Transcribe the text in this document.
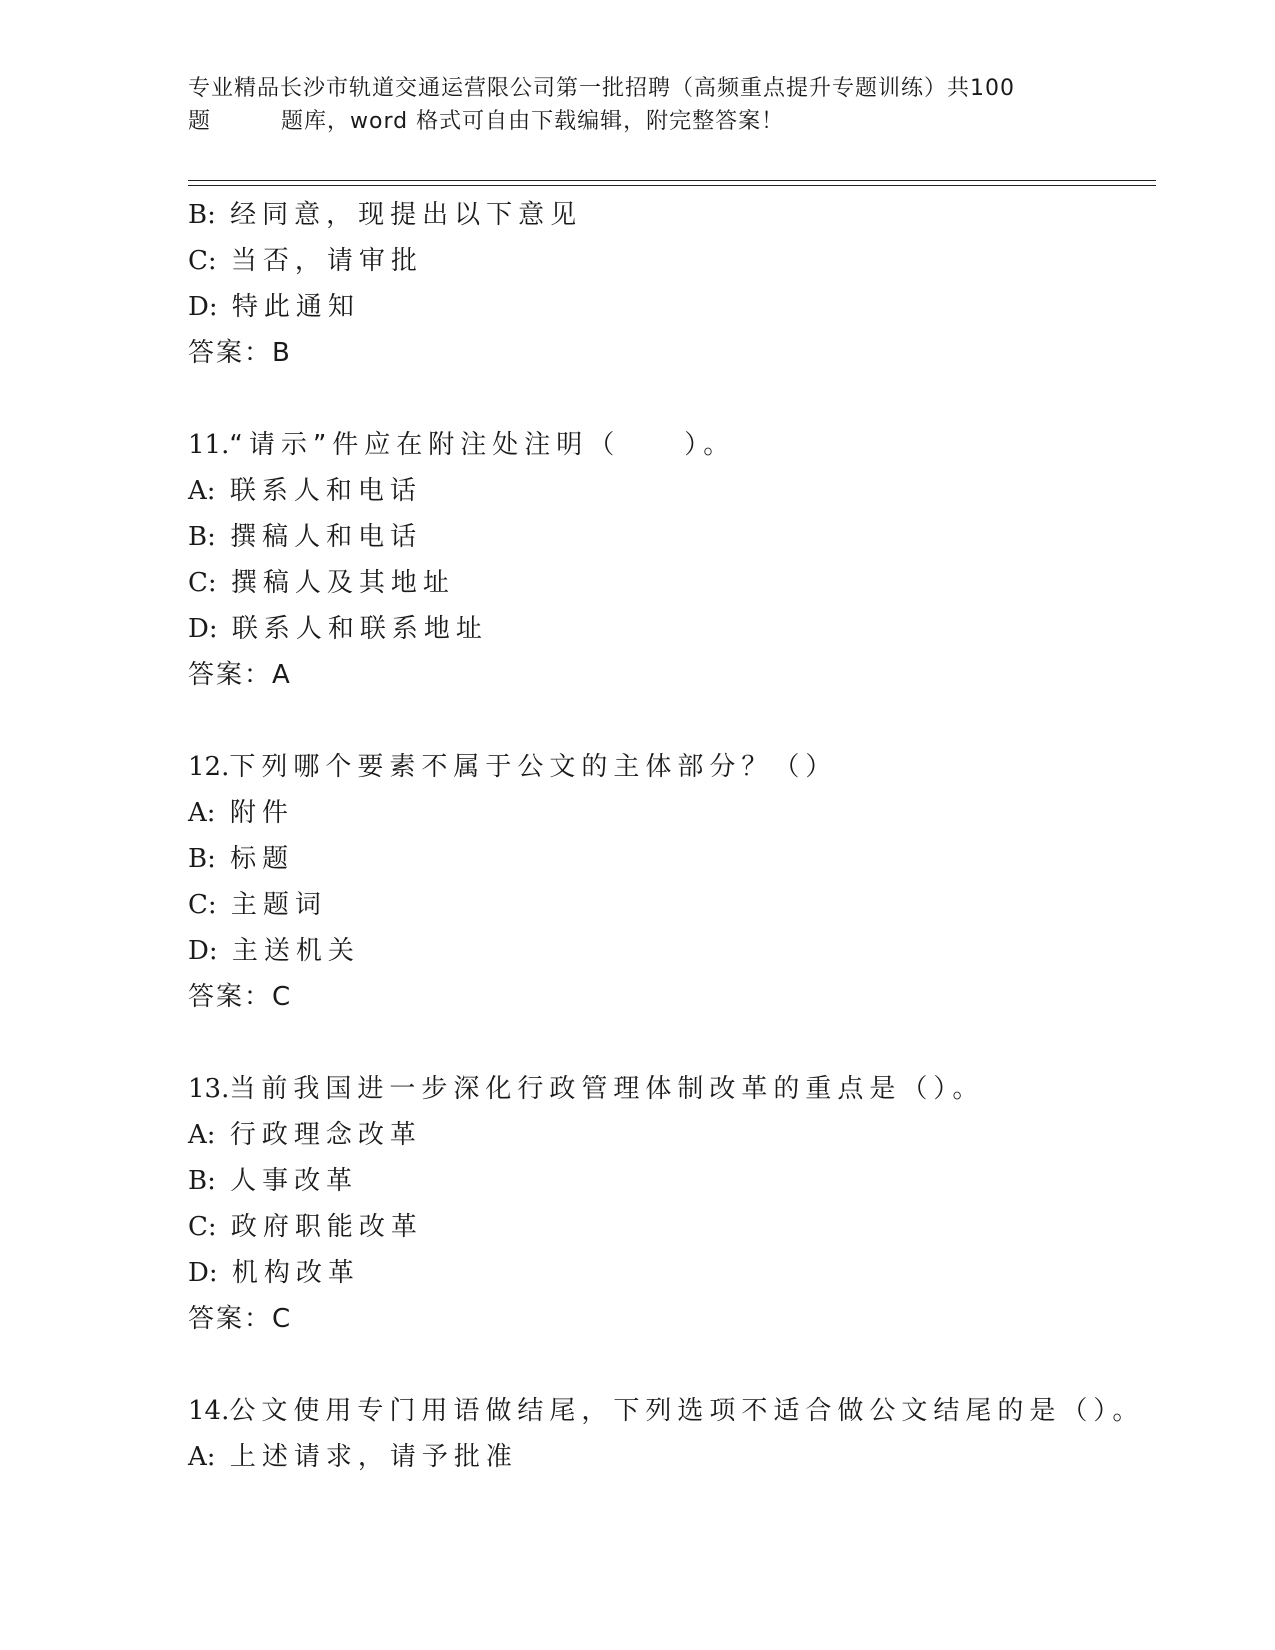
专业精品长沙市轨道交通运营限公司第一批招聘（高频重点提升专题训练）共100
题	题库，word 格式可自由下载编辑，附完整答案！
B: 经同意，现提出以下意见
C: 当否，请审批
D: 特此通知
答案：B
11.“请示”件应在附注处注明（　　）。
A: 联系人和电话
B: 撰稿人和电话
C: 撰稿人及其地址
D: 联系人和联系地址
答案：A
12.下列哪个要素不属于公文的主体部分？（）
A: 附件
B: 标题
C: 主题词
D: 主送机关
答案：C
13.当前我国进一步深化行政管理体制改革的重点是（）。
A: 行政理念改革
B: 人事改革
C: 政府职能改革
D: 机构改革
答案：C
14.公文使用专门用语做结尾，下列选项不适合做公文结尾的是（）。
A: 上述请求，请予批准
